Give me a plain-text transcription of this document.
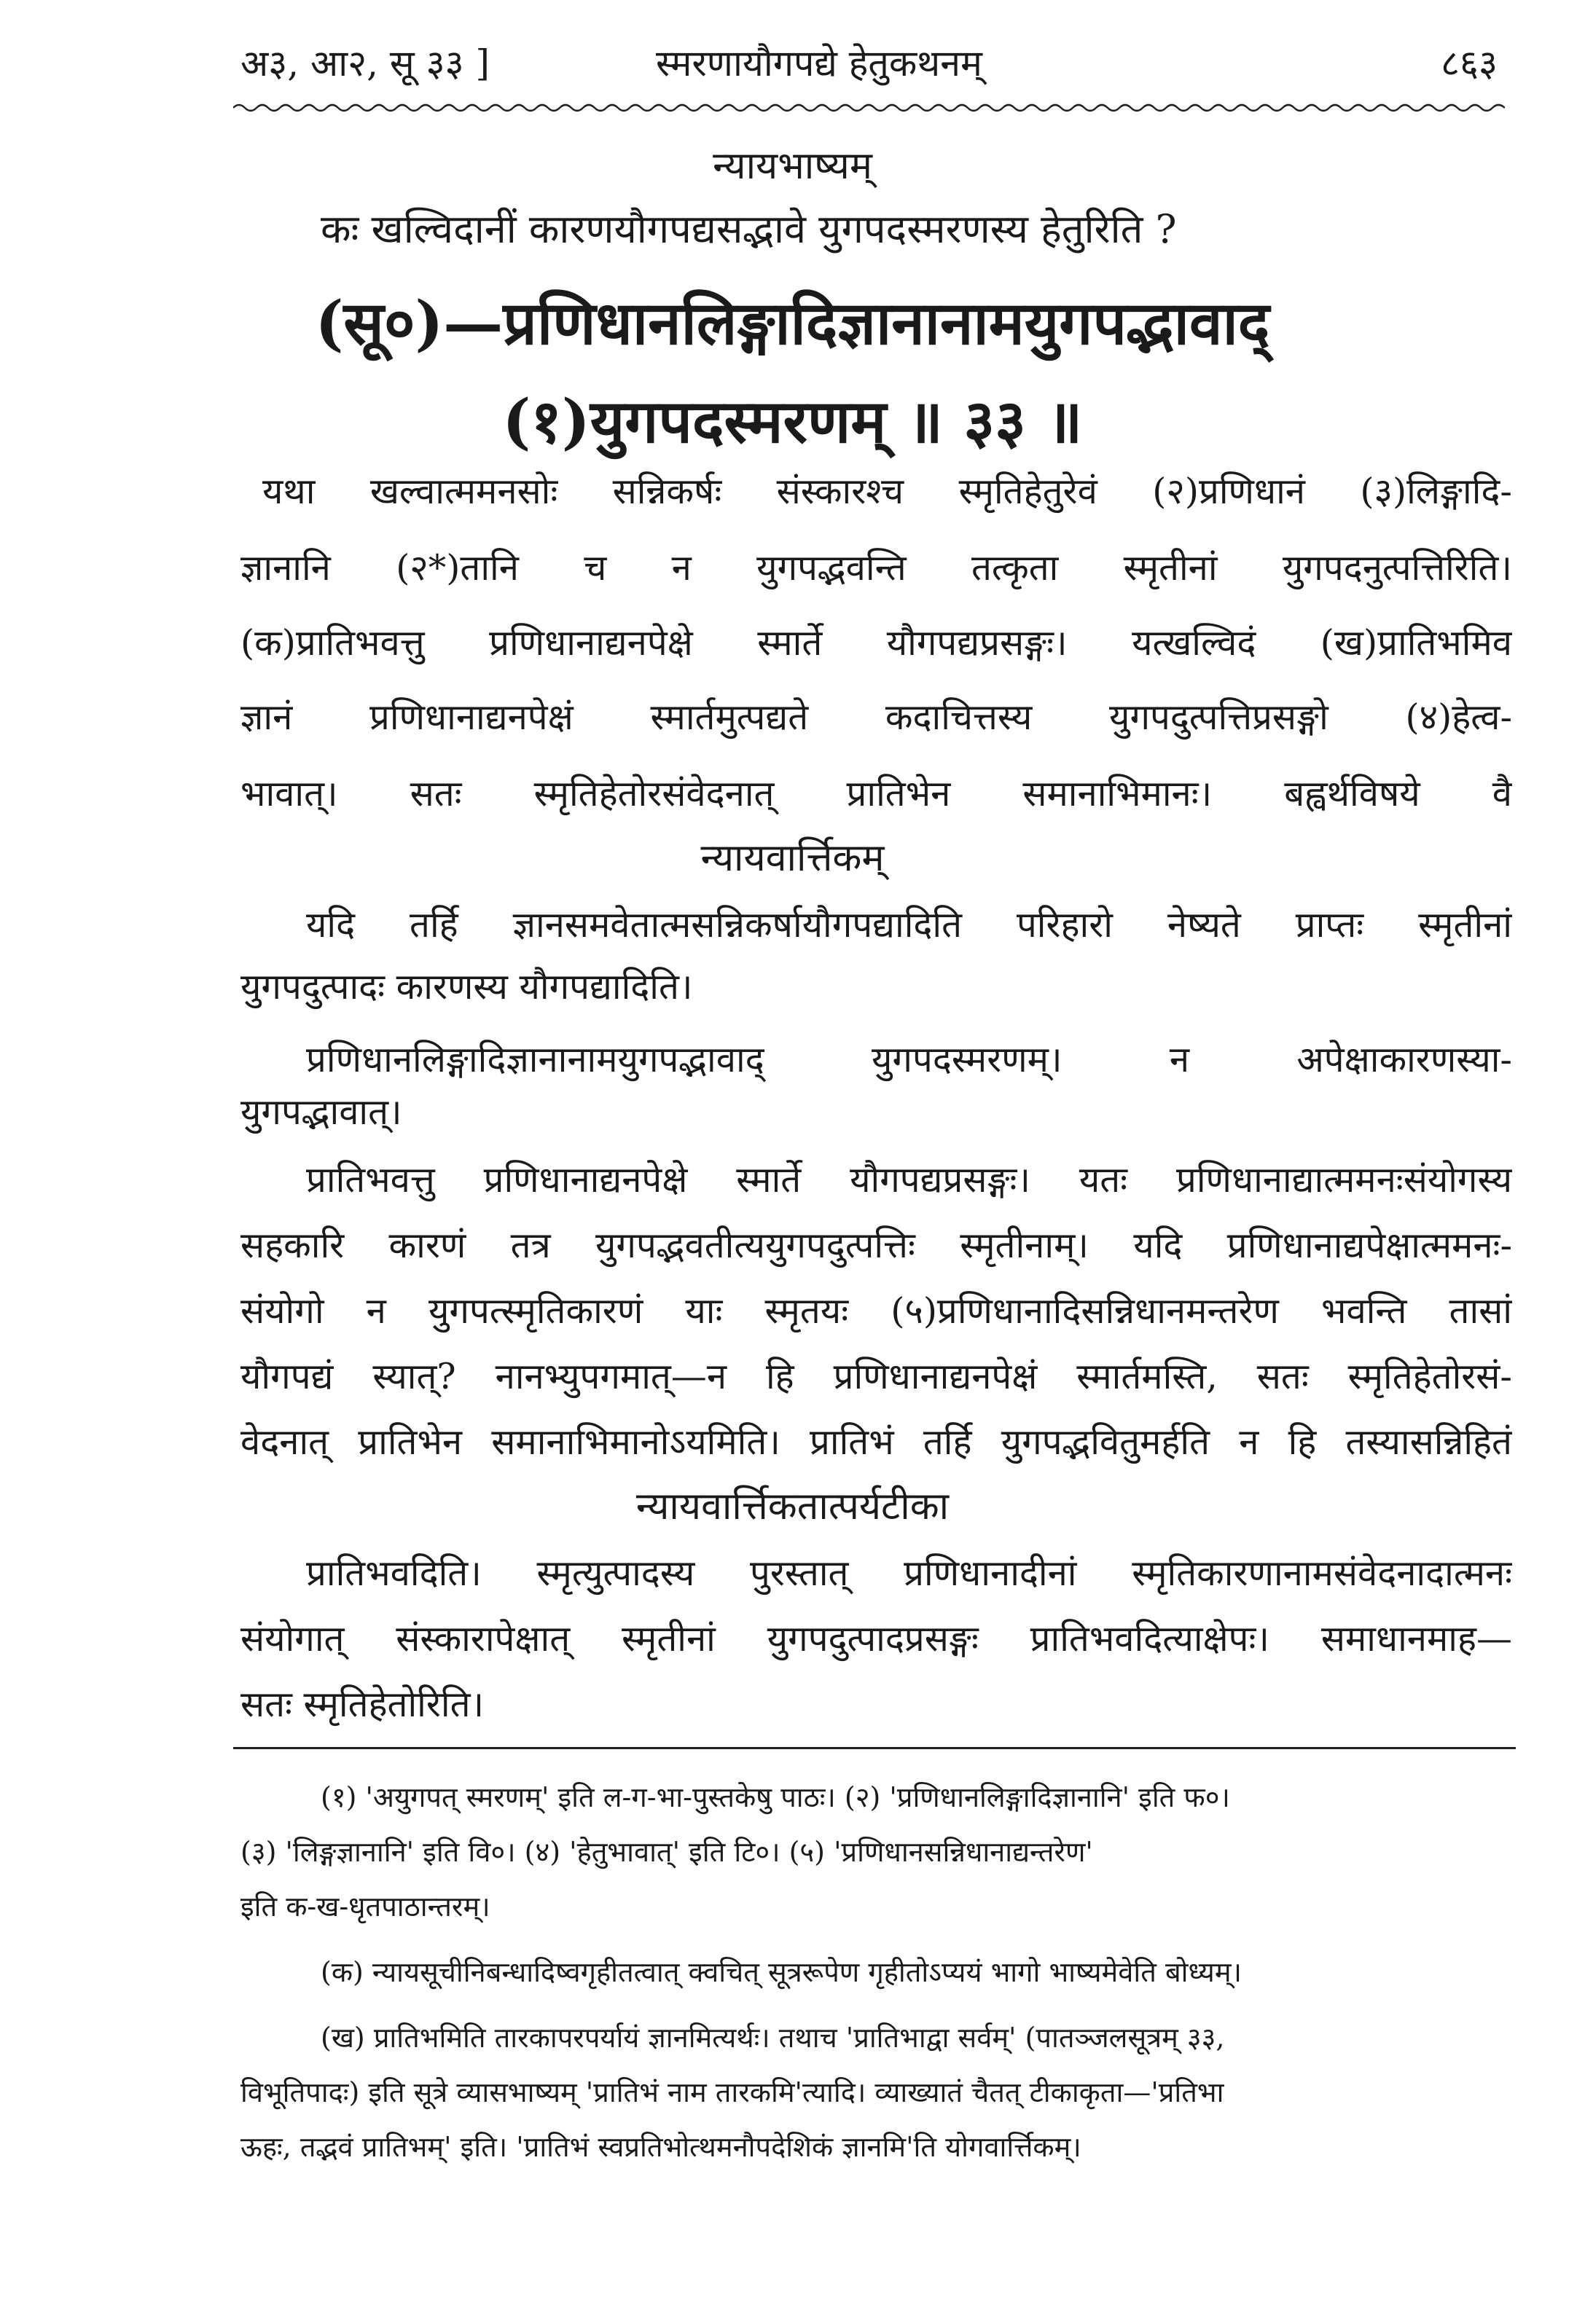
अ३, आ२, सू ३३ ]	स्मरणायौगपद्ये हेतुकथनम्	८६३
न्यायभाष्यम्
कः खल्विदानीं कारणयौगपद्यसद्भावे युगपदस्मरणस्य हेतुरिति ?
(सू०)—प्रणिधानलिङ्गादिज्ञानानामयुगपद्भावाद्
(१)युगपदस्मरणम् ॥ ३३ ॥
यथा खल्वात्ममनसोः सन्निकर्षः संस्कारश्च स्मृतिहेतुरेवं (२)प्रणिधानं (३)लिङ्गादि-
ज्ञानानि (२*)तानि च न युगपद्भवन्ति तत्कृता स्मृतीनां युगपदनुत्पत्तिरिति।
(क)प्रातिभवत्तु प्रणिधानाद्यनपेक्षे स्मार्ते यौगपद्यप्रसङ्गः। यत्खल्विदं (ख)प्रातिभमिव
ज्ञानं प्रणिधानाद्यनपेक्षं स्मार्तमुत्पद्यते कदाचित्तस्य युगपदुत्पत्तिप्रसङ्गो (४)हेत्व-
भावात्। सतः स्मृतिहेतोरसंवेदनात् प्रातिभेन समानाभिमानः। बह्वर्थविषये वै
न्यायवार्त्तिकम्
यदि तर्हि ज्ञानसमवेतात्मसन्निकर्षायौगपद्यादिति परिहारो नेष्यते प्राप्तः स्मृतीनां
युगपदुत्पादः कारणस्य यौगपद्यादिति।
प्रणिधानलिङ्गादिज्ञानानामयुगपद्भावाद् युगपदस्मरणम्। न अपेक्षाकारणस्या-
युगपद्भावात्।
प्रातिभवत्तु प्रणिधानाद्यनपेक्षे स्मार्ते यौगपद्यप्रसङ्गः। यतः प्रणिधानाद्यात्ममनःसंयोगस्य
सहकारि कारणं तत्र युगपद्भवतीत्ययुगपदुत्पत्तिः स्मृतीनाम्। यदि प्रणिधानाद्यपेक्षात्ममनः-
संयोगो न युगपत्स्मृतिकारणं याः स्मृतयः (५)प्रणिधानादिसन्निधानमन्तरेण भवन्ति तासां
यौगपद्यं स्यात्? नानभ्युपगमात्—न हि प्रणिधानाद्यनपेक्षं स्मार्तमस्ति, सतः स्मृतिहेतोरसं-
वेदनात् प्रातिभेन समानाभिमानोऽयमिति। प्रातिभं तर्हि युगपद्भवितुमर्हति न हि तस्यासन्निहितं
न्यायवार्त्तिकतात्पर्यटीका
प्रातिभवदिति। स्मृत्युत्पादस्य पुरस्तात् प्रणिधानादीनां स्मृतिकारणानामसंवेदनादात्मनः
संयोगात् संस्कारापेक्षात् स्मृतीनां युगपदुत्पादप्रसङ्गः प्रातिभवदित्याक्षेपः। समाधानमाह—
सतः स्मृतिहेतोरिति।
(१) 'अयुगपत् स्मरणम्' इति ल-ग-भा-पुस्तकेषु पाठः। (२) 'प्रणिधानलिङ्गादिज्ञानानि' इति फ०।
(३) 'लिङ्गज्ञानानि' इति वि०। (४) 'हेतुभावात्' इति टि०। (५) 'प्रणिधानसन्निधानाद्यन्तरेण'
इति क-ख-धृतपाठान्तरम्।
(क) न्यायसूचीनिबन्धादिष्वगृहीतत्वात् क्वचित् सूत्ररूपेण गृहीतोऽप्ययं भागो भाष्यमेवेति बोध्यम्।
(ख) प्रातिभमिति तारकापरपर्यायं ज्ञानमित्यर्थः। तथाच 'प्रातिभाद्वा सर्वम्' (पातञ्जलसूत्रम् ३३,
विभूतिपादः) इति सूत्रे व्यासभाष्यम् 'प्रातिभं नाम तारकमि'त्यादि। व्याख्यातं चैतत् टीकाकृता—'प्रतिभा
ऊहः, तद्भवं प्रातिभम्' इति। 'प्रातिभं स्वप्रतिभोत्थमनौपदेशिकं ज्ञानमि'ति योगवार्त्तिकम्।
